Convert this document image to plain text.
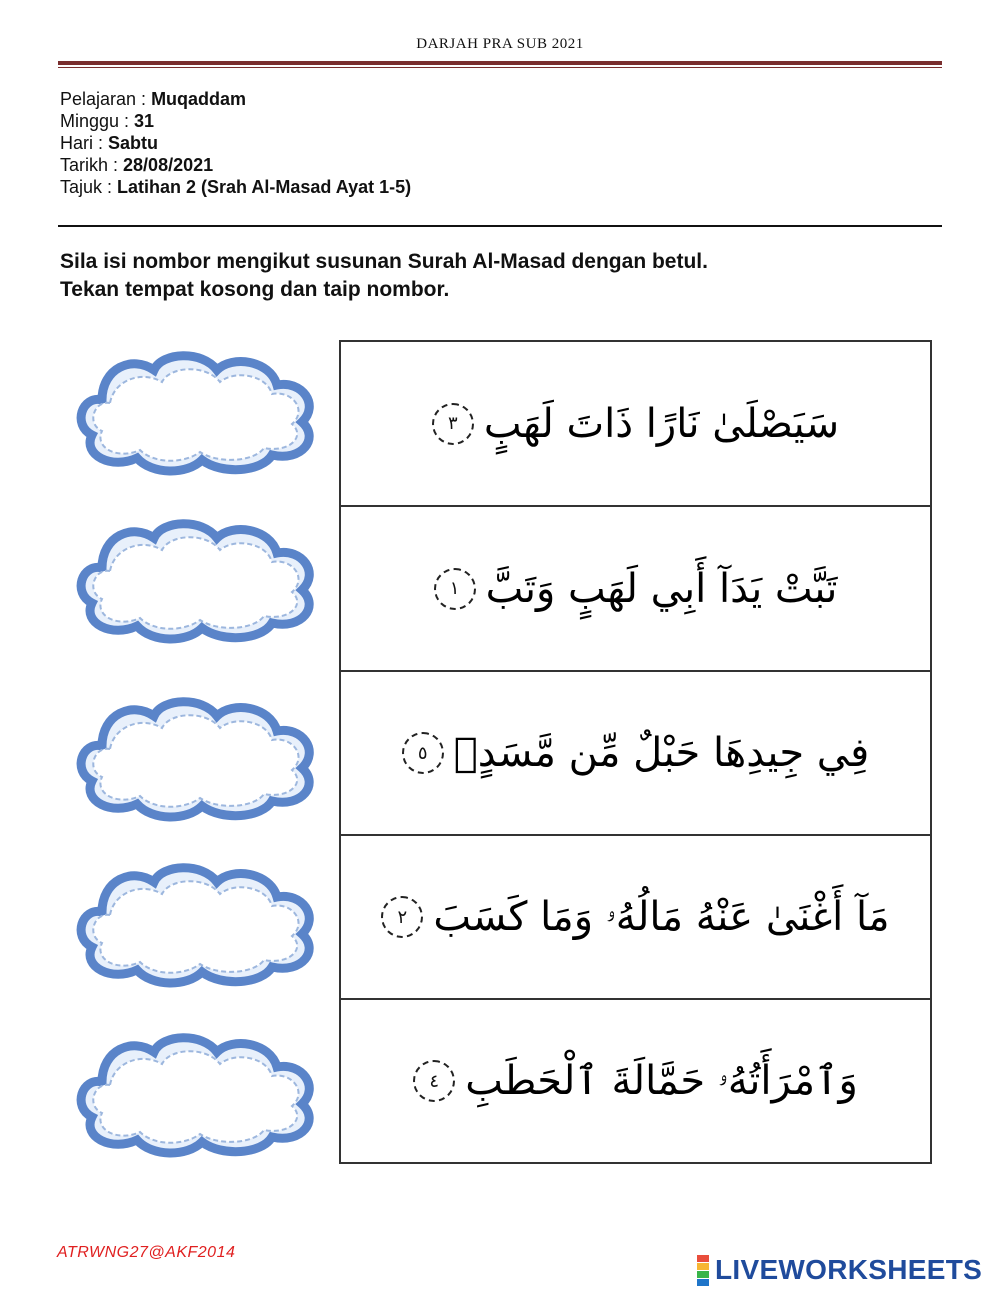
DARJAH PRA SUB 2021
Pelajaran : Muqaddam
Minggu : 31
Hari : Sabtu
Tarikh : 28/08/2021
Tajuk : Latihan 2 (Srah Al-Masad Ayat 1-5)
Sila isi nombor mengikut susunan Surah Al-Masad dengan betul.
Tekan tempat kosong dan taip nombor.
٣ سَيَصْلَىٰ نَارًا ذَاتَ لَهَبٍ
١ تَبَّتْ يَدَآ أَبِي لَهَبٍ وَتَبَّ
٥ فِي جِيدِهَا حَبْلٌ مِّن مَّسَدٍۭ
٢ مَآ أَغْنَىٰ عَنْهُ مَالُهُۥ وَمَا كَسَبَ
٤ وَٱمْرَأَتُهُۥ حَمَّالَةَ ٱلْحَطَبِ
ATRWNG27@AKF2014
LIVEWORKSHEETS
